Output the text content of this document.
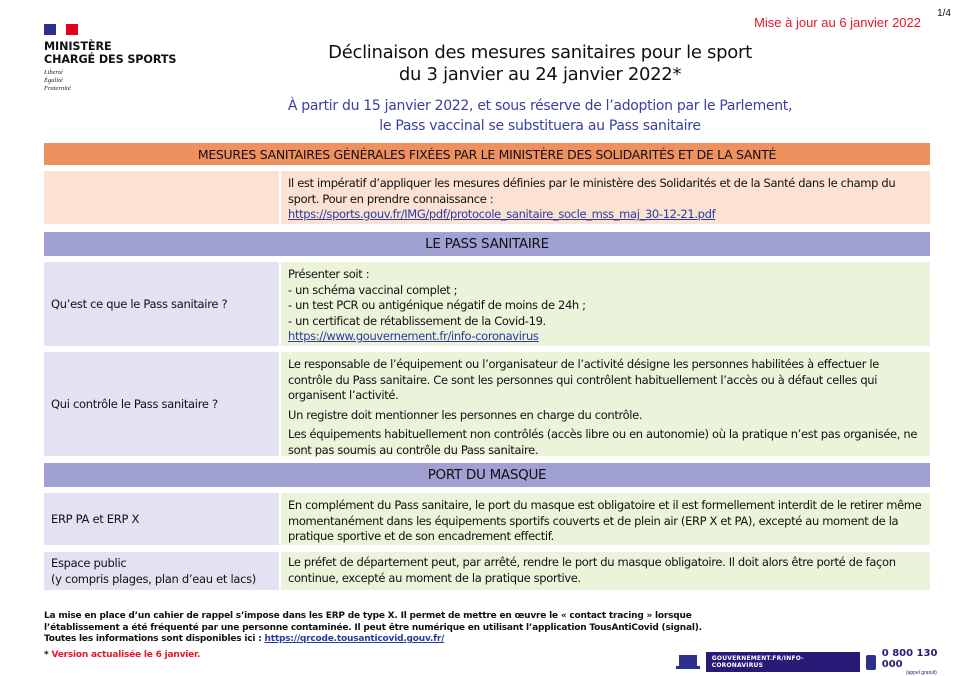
MINISTÈRE
CHARGÉ DES SPORTS
Liberté
Égalité
Fraternité
Mise à jour au 6 janvier 2022
1/4
Déclinaison des mesures sanitaires pour le sport
du 3 janvier au 24 janvier 2022*
À partir du 15 janvier 2022, et sous réserve de l’adoption par le Parlement,
le Pass vaccinal se substituera au Pass sanitaire
MESURES SANITAIRES GÉNÉRALES FIXÉES PAR LE MINISTÈRE DES SOLIDARITÉS ET DE LA SANTÉ
Il est impératif d’appliquer les mesures définies par le ministère des Solidarités et de la Santé dans le champ du sport. Pour en prendre connaissance :
https://sports.gouv.fr/IMG/pdf/protocole_sanitaire_socle_mss_maj_30-12-21.pdf
LE PASS SANITAIRE
Qu’est ce que le Pass sanitaire ?
Présenter soit :
- un schéma vaccinal complet ;
- un test PCR ou antigénique négatif de moins de 24h ;
- un certificat de rétablissement de la Covid-19.
https://www.gouvernement.fr/info-coronavirus
Qui contrôle le Pass sanitaire ?

Le responsable de l’équipement ou l’organisateur de l’activité désigne les personnes habilitées à effectuer le contrôle du Pass sanitaire. Ce sont les personnes qui contrôlent habituellement l’accès ou à défaut celles qui organisent l’activité.

Un registre doit mentionner les personnes en charge du contrôle.

Les équipements habituellement non contrôlés (accès libre ou en autonomie) où la pratique n’est pas organisée, ne sont pas soumis au contrôle du Pass sanitaire.

PORT DU MASQUE
ERP PA et ERP X
En complément du Pass sanitaire, le port du masque est obligatoire et il est formellement interdit de le retirer même momentanément dans les équipements sportifs couverts et de plein air (ERP X et PA), excepté au moment de la pratique sportive et de son encadrement effectif.
Espace public
(y compris plages, plan d’eau et lacs)
Le préfet de département peut, par arrêté, rendre le port du masque obligatoire. Il doit alors être porté de façon continue, excepté au moment de la pratique sportive.
La mise en place d’un cahier de rappel s’impose dans les ERP de type X. Il permet de mettre en œuvre le « contact tracing » lorsque l’établissement a été fréquenté par une personne contaminée. Il peut être numérique en utilisant l’application TousAntiCovid (signal).
Toutes les informations sont disponibles ici : https://qrcode.tousanticovid.gouv.fr/
* Version actualisée le 6 janvier.	GOUVERNEMENT.FR/INFO-CORONAVIRUS
0 800 130 000
(appel gratuit)
